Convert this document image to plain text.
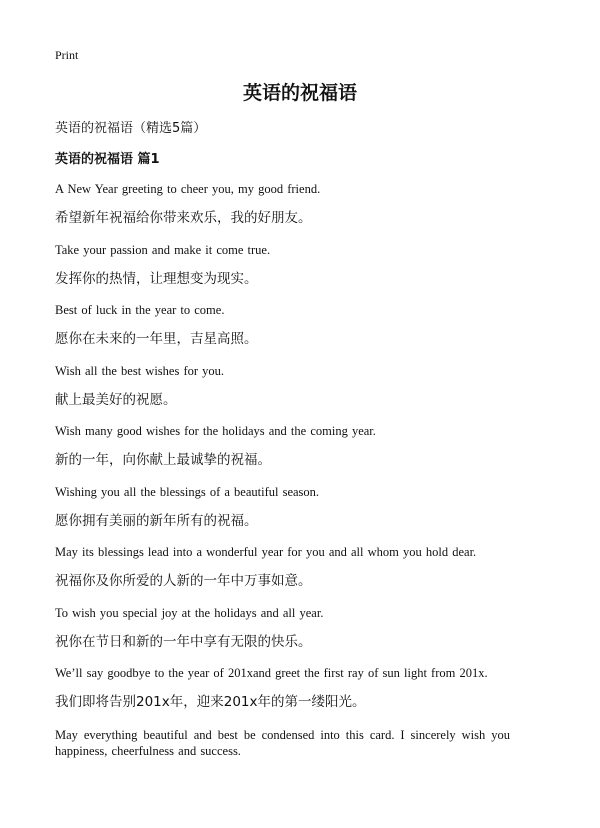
Print
英语的祝福语
英语的祝福语（精选5篇）
英语的祝福语 篇1
A New Year greeting to cheer you, my good friend.
希望新年祝福给你带来欢乐，我的好朋友。
Take your passion and make it come true.
发挥你的热情，让理想变为现实。
Best of luck in the year to come.
愿你在未来的一年里，吉星高照。
Wish all the best wishes for you.
献上最美好的祝愿。
Wish many good wishes for the holidays and the coming year.
新的一年，向你献上最诚挚的祝福。
Wishing you all the blessings of a beautiful season.
愿你拥有美丽的新年所有的祝福。
May its blessings lead into a wonderful year for you and all whom you hold dear.
祝福你及你所爱的人新的一年中万事如意。
To wish you special joy at the holidays and all year.
祝你在节日和新的一年中享有无限的快乐。
We’ll say goodbye to the year of 201xand greet the first ray of sun light from 201x.
我们即将告别201x年，迎来201x年的第一缕阳光。
May everything beautiful and best be condensed into this card. I sincerely wish you happiness, cheerfulness and success.
